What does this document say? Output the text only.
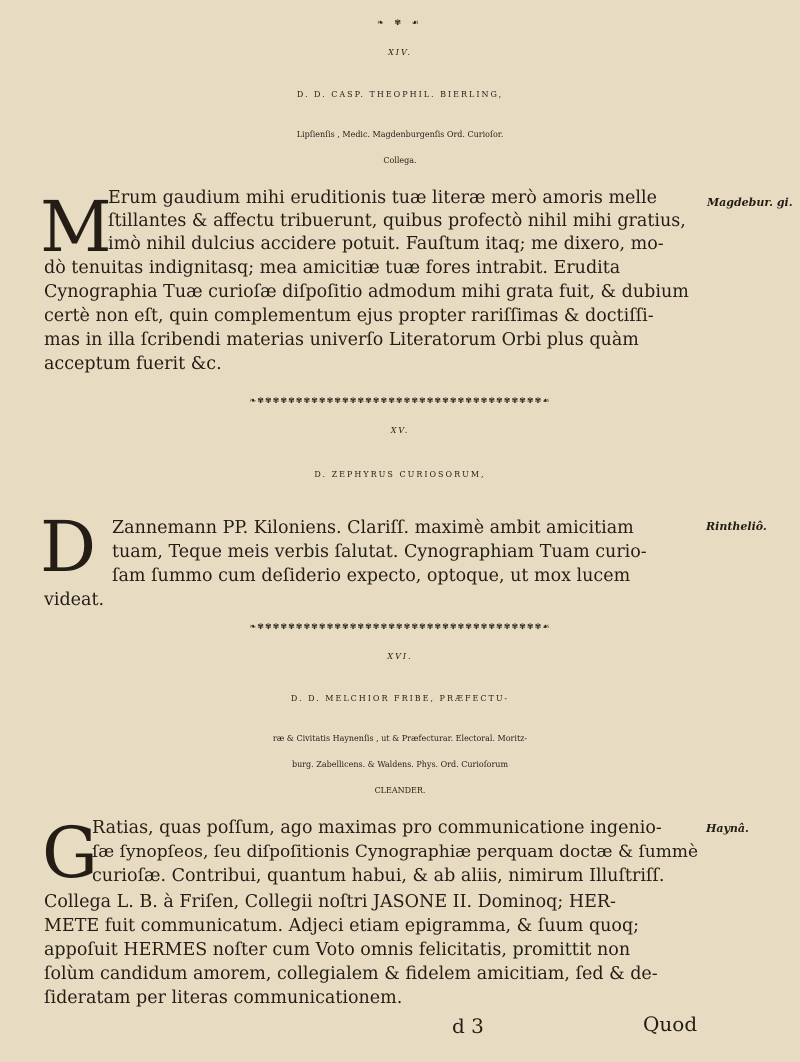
❧ ✾ ☙
XIV.
D. D. CASP. THEOPHIL. BIERLING,
Lipſienſis , Medic. Magdenburgenſis Ord. Curioſor.
Collega.
M	Magdebur. gi.
Erum gaudium mihi eruditionis tuæ literæ merò amoris melle
ſtillantes & affectu tribuerunt, quibus profectò nihil mihi gratius,
imò nihil dulcius accidere potuit. Fauſtum itaq; me dixero, mo-
dò tenuitas indignitasq; mea amicitiæ tuæ fores intrabit. Erudita
Cynographia Tuæ curioſæ diſpoſitio admodum mihi grata fuit, & dubium
certè non eſt, quin complementum ejus propter rariſſimas & doctiſſi-
mas in illa ſcribendi materias univerſo Literatorum Orbi plus quàm
acceptum fuerit &c.
❧✾✾✾✾✾✾✾✾✾✾✾✾✾✾✾✾✾✾✾✾✾✾✾✾✾✾✾✾✾✾✾✾✾✾✾✾✾☙
XV.
D. ZEPHYRUS CURIOSORUM,
D	Rintheliô.
Zannemann PP. Kiloniens. Clariſſ. maximè ambit amicitiam
tuam, Teque meis verbis ſalutat. Cynographiam Tuam curio-
ſam ſummo cum deſiderio expecto, optoque, ut mox lucem
videat.
❧✾✾✾✾✾✾✾✾✾✾✾✾✾✾✾✾✾✾✾✾✾✾✾✾✾✾✾✾✾✾✾✾✾✾✾✾✾☙
XVI.
D. D. MELCHIOR FRIBE, PRÆFECTU-
ræ & Civitatis Haynenſis , ut & Præfecturar. Electoral. Moritz-
burg. Zabellicens. & Waldens. Phys. Ord. Curioſorum
CLEANDER.
G	Haynâ.
Ratias, quas poſſum, ago maximas pro communicatione ingenio-
ſæ ſynopſeos, ſeu diſpoſitionis Cynographiæ perquam doctæ & ſummè
curioſæ. Contribui, quantum habui, & ab aliis, nimirum Illuſtriſſ.
Collega L. B. à Friſen, Collegii noſtri JASONE II. Dominoq; HER-
METE fuit communicatum. Adjeci etiam epigramma, & ſuum quoq;
appoſuit HERMES noſter cum Voto omnis felicitatis, promittit non
ſolùm candidum amorem, collegialem & fidelem amicitiam, ſed & de-
ſideratam per literas communicationem.
d 3	Quod
